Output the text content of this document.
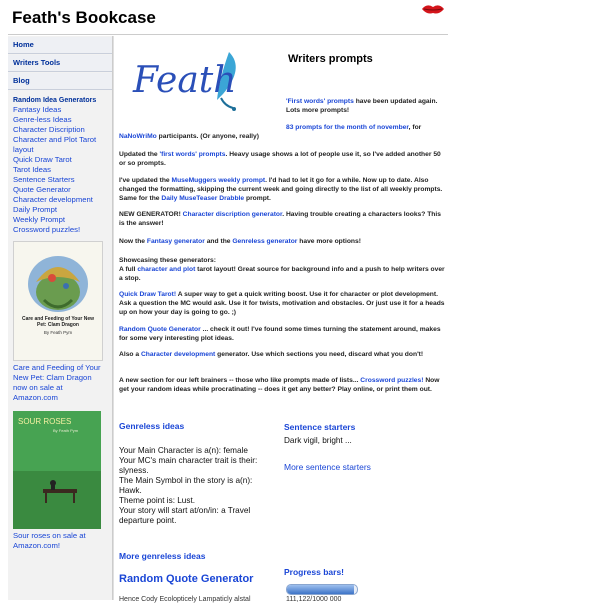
Feath's Bookcase
Home
Writers Tools
Blog
Random Idea Generators
Fantasy Ideas
Genre-less Ideas
Character Discription
Character and Plot Tarot layout
Quick Draw Tarot
Tarot Ideas
Sentence Starters
Quote Generator
Character development
Daily Prompt
Weekly Prompt
Crossword puzzles!
Care and Feeding of Your New Pet: Clam Dragon
By Feath Pym
Care and Feeding of Your New Pet: Clam Dragon now on sale at Amazon.com
SOUR ROSES
By Feath Pym
Sour roses on sale at Amazon.com!
Feath
Writers prompts
'First words' prompts have been updated again. Lots more prompts!
83 prompts for the month of november, for
NaNoWriMo participants. (Or anyone, really)
Updated the 'first words' prompts. Heavy usage shows a lot of people use it, so I've added another 50 or so prompts.
I've updated the MuseMuggers weekly prompt. I'd had to let it go for a while. Now up to date. Also changed the formatting, skipping the current week and going directly to the list of all weekly prompts. Same for the Daily MuseTeaser Drabble prompt.
NEW GENERATOR! Character discription generator. Having trouble creating a characters looks? This is the answer!
Now the Fantasy generator and the Genreless generator have more options!
Showcasing these generators:
A full character and plot tarot layout! Great source for background info and a push to help writers over a stop.
Quick Draw Tarot! A super way to get a quick writing boost. Use it for character or plot development. Ask a question the MC would ask. Use it for twists, motivation and obstacles. Or just use it for a heads up on how your day is going to go. ;)
Random Quote Generator ... check it out! I've found some times turning the statement around, makes for some very interesting plot ideas.
Also a Character development generator. Use which sections you need, discard what you don't!
A new section for our left brainers -- those who like prompts made of lists... Crossword puzzles! Now get your random ideas while procratinating -- does it get any better? Play online, or print them out.
Genreless ideas
Your Main Character is a(n): female
Your MC's main character trait is their: slyness.
The Main Symbol in the story is a(n): Hawk.
Theme point is: Lust.
Your story will start at/on/in: a Travel departure point.
More genreless ideas
Sentence starters
Dark vigil, bright ...
More sentence starters
Random Quote Generator
Progress bars!
Hence Cody Ecolopticely Lampaticly alstal	111,122/1000 000
